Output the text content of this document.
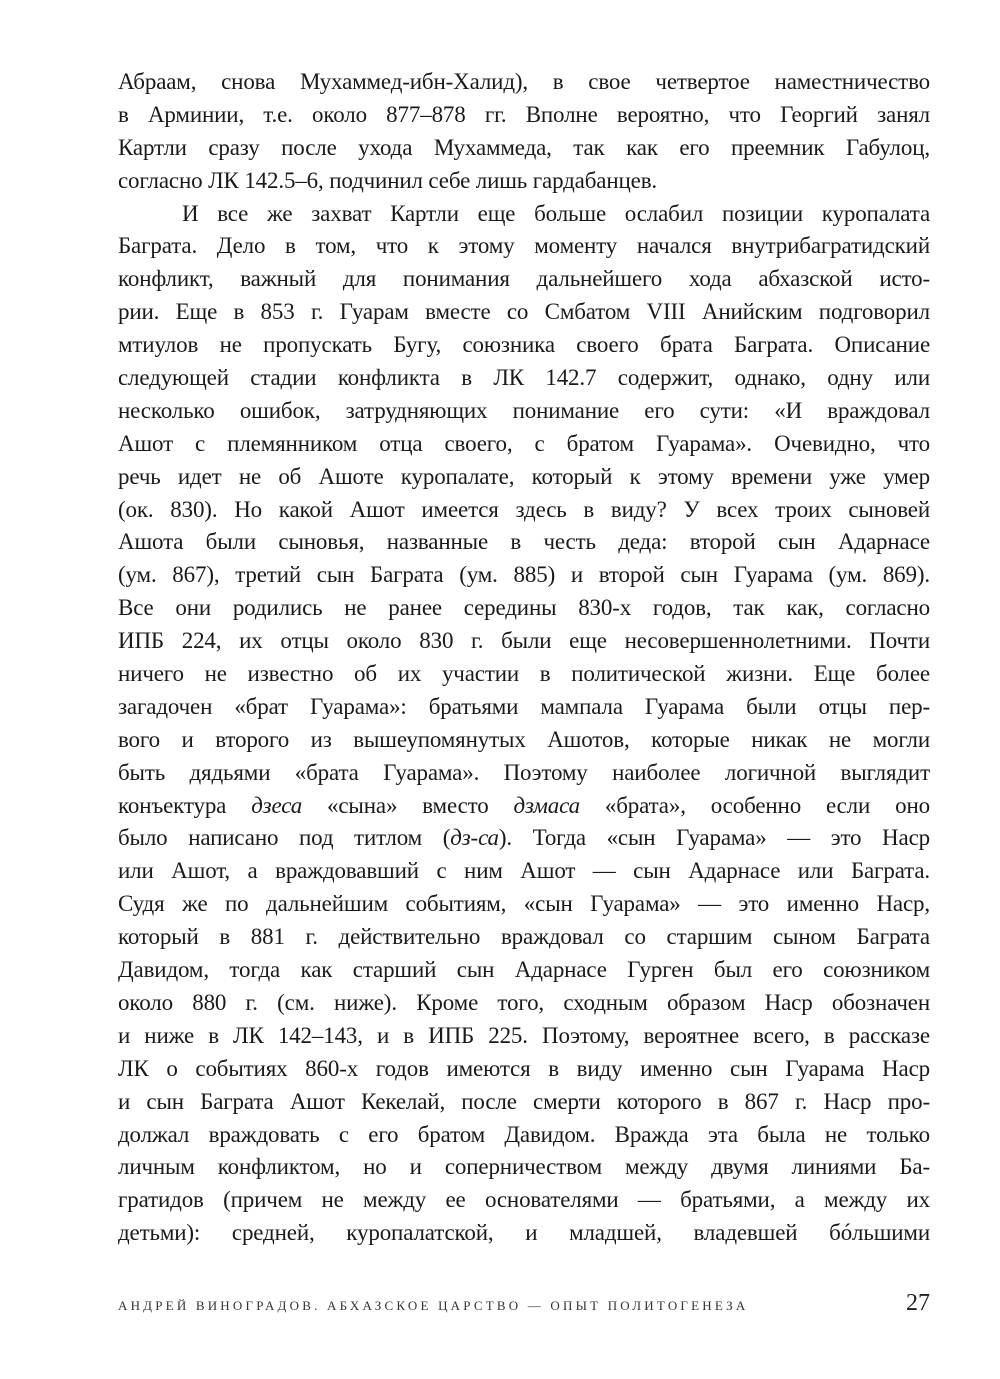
Абраам, снова Мухаммед-ибн-Халид), в свое четвертое наместничество
в Арминии, т.е. около 877–878 гг. Вполне вероятно, что Георгий занял
Картли сразу после ухода Мухаммеда, так как его преемник Габулоц,
согласно ЛК 142.5–6, подчинил себе лишь гардабанцев.
И все же захват Картли еще больше ослабил позиции куропалата
Баграта. Дело в том, что к этому моменту начался внутрибагратидский
конфликт, важный для понимания дальнейшего хода абхазской исто-
рии. Еще в 853 г. Гуарам вместе со Смбатом VIII Анийским подговорил
мтиулов не пропускать Бугу, союзника своего брата Баграта. Описание
следующей стадии конфликта в ЛК 142.7 содержит, однако, одну или
несколько ошибок, затрудняющих понимание его сути: «И враждовал
Ашот с племянником отца своего, с братом Гуарама». Очевидно, что
речь идет не об Ашоте куропалате, который к этому времени уже умер
(ок. 830). Но какой Ашот имеется здесь в виду? У всех троих сыновей
Ашота были сыновья, названные в честь деда: второй сын Адарнасе
(ум. 867), третий сын Баграта (ум. 885) и второй сын Гуарама (ум. 869).
Все они родились не ранее середины 830-х годов, так как, согласно
ИПБ 224, их отцы около 830 г. были еще несовершеннолетними. Почти
ничего не известно об их участии в политической жизни. Еще более
загадочен «брат Гуарама»: братьями мампала Гуарама были отцы пер-
вого и второго из вышеупомянутых Ашотов, которые никак не могли
быть дядьями «брата Гуарама». Поэтому наиболее логичной выглядит
конъектура дзеса «сына» вместо дзмаса «брата», особенно если оно
было написано под титлом (дз-са). Тогда «сын Гуарама» — это Наср
или Ашот, а враждовавший с ним Ашот — сын Адарнасе или Баграта.
Судя же по дальнейшим событиям, «сын Гуарама» — это именно Наср,
который в 881 г. действительно враждовал со старшим сыном Баграта
Давидом, тогда как старший сын Адарнасе Гурген был его союзником
около 880 г. (см. ниже). Кроме того, сходным образом Наср обозначен
и ниже в ЛК 142–143, и в ИПБ 225. Поэтому, вероятнее всего, в рассказе
ЛК о событиях 860-х годов имеются в виду именно сын Гуарама Наср
и сын Баграта Ашот Кекелай, после смерти которого в 867 г. Наср про-
должал враждовать с его братом Давидом. Вражда эта была не только
личным конфликтом, но и соперничеством между двумя линиями Ба-
гратидов (причем не между ее основателями — братьями, а между их
детьми): средней, куропалатской, и младшей, владевшей бóльшими
АНДРЕЙ ВИНОГРАДОВ. АБХАЗСКОЕ ЦАРСТВО — ОПЫТ ПОЛИТОГЕНЕЗА	27
